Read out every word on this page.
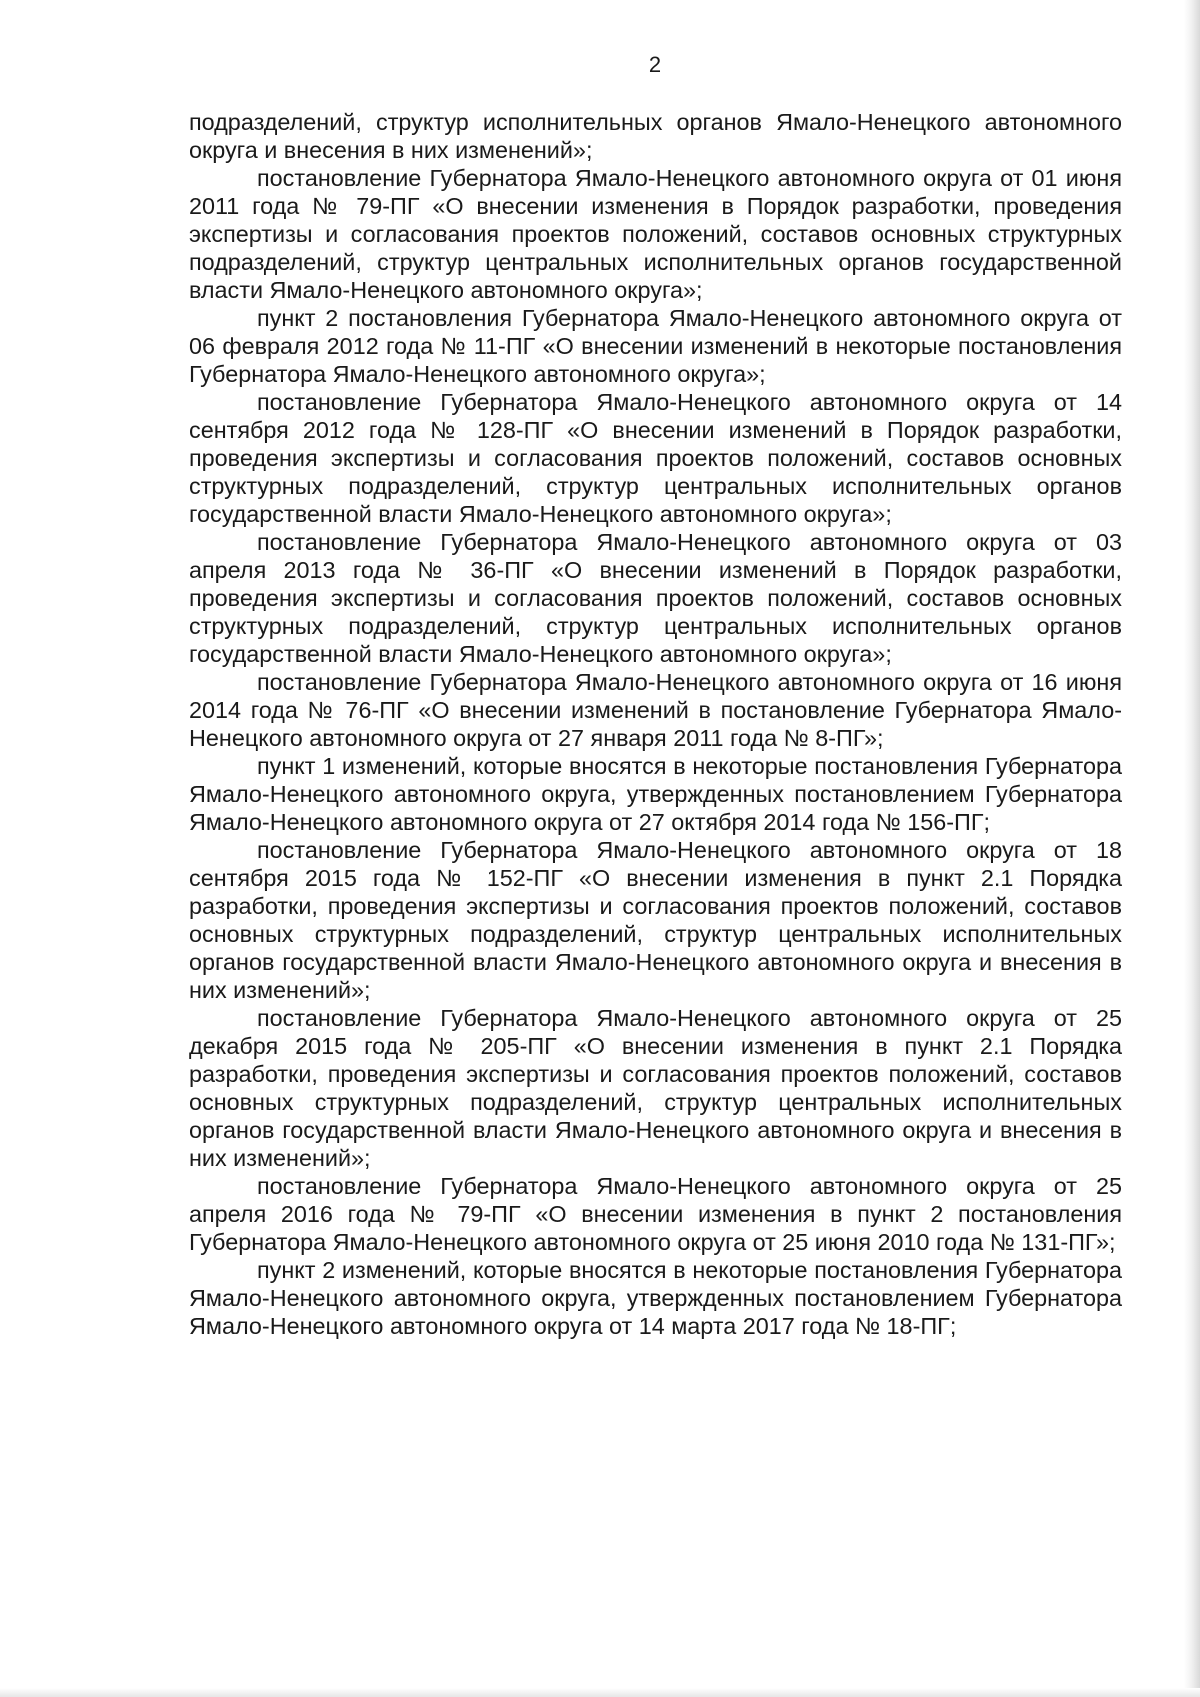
2

подразделений, структур исполнительных органов Ямало-Ненецкого автономного округа и внесения в них изменений»;

постановление Губернатора Ямало-Ненецкого автономного округа от 01 июня 2011 года № 79-ПГ «О внесении изменения в Порядок разработки, проведения экспертизы и согласования проектов положений, составов основных структурных подразделений, структур центральных исполнительных органов государственной власти Ямало-Ненецкого автономного округа»;

пункт 2 постановления Губернатора Ямало-Ненецкого автономного округа от 06 февраля 2012 года № 11-ПГ «О внесении изменений в некоторые постановления Губернатора Ямало-Ненецкого автономного округа»;

постановление Губернатора Ямало-Ненецкого автономного округа от 14 сентября 2012 года № 128-ПГ «О внесении изменений в Порядок разработки, проведения экспертизы и согласования проектов положений, составов основных структурных подразделений, структур центральных исполнительных органов государственной власти Ямало-Ненецкого автономного округа»;

постановление Губернатора Ямало-Ненецкого автономного округа от 03 апреля 2013 года № 36-ПГ «О внесении изменений в Порядок разработки, проведения экспертизы и согласования проектов положений, составов основных структурных подразделений, структур центральных исполнительных органов государственной власти Ямало-Ненецкого автономного округа»;

постановление Губернатора Ямало-Ненецкого автономного округа от 16 июня 2014 года № 76-ПГ «О внесении изменений в постановление Губернатора Ямало-Ненецкого автономного округа от 27 января 2011 года № 8-ПГ»;

пункт 1 изменений, которые вносятся в некоторые постановления Губернатора Ямало-Ненецкого автономного округа, утвержденных постановлением Губернатора Ямало-Ненецкого автономного округа от 27 октября 2014 года № 156-ПГ;

постановление Губернатора Ямало-Ненецкого автономного округа от 18 сентября 2015 года № 152-ПГ «О внесении изменения в пункт 2.1 Порядка разработки, проведения экспертизы и согласования проектов положений, составов основных структурных подразделений, структур центральных исполнительных органов государственной власти Ямало-Ненецкого автономного округа и внесения в них изменений»;

постановление Губернатора Ямало-Ненецкого автономного округа от 25 декабря 2015 года № 205-ПГ «О внесении изменения в пункт 2.1 Порядка разработки, проведения экспертизы и согласования проектов положений, составов основных структурных подразделений, структур центральных исполнительных органов государственной власти Ямало-Ненецкого автономного округа и внесения в них изменений»;

постановление Губернатора Ямало-Ненецкого автономного округа от 25 апреля 2016 года № 79-ПГ «О внесении изменения в пункт 2 постановления Губернатора Ямало-Ненецкого автономного округа от 25 июня 2010 года № 131-ПГ»;

пункт 2 изменений, которые вносятся в некоторые постановления Губернатора Ямало-Ненецкого автономного округа, утвержденных постановлением Губернатора Ямало-Ненецкого автономного округа от 14 марта 2017 года № 18-ПГ;
